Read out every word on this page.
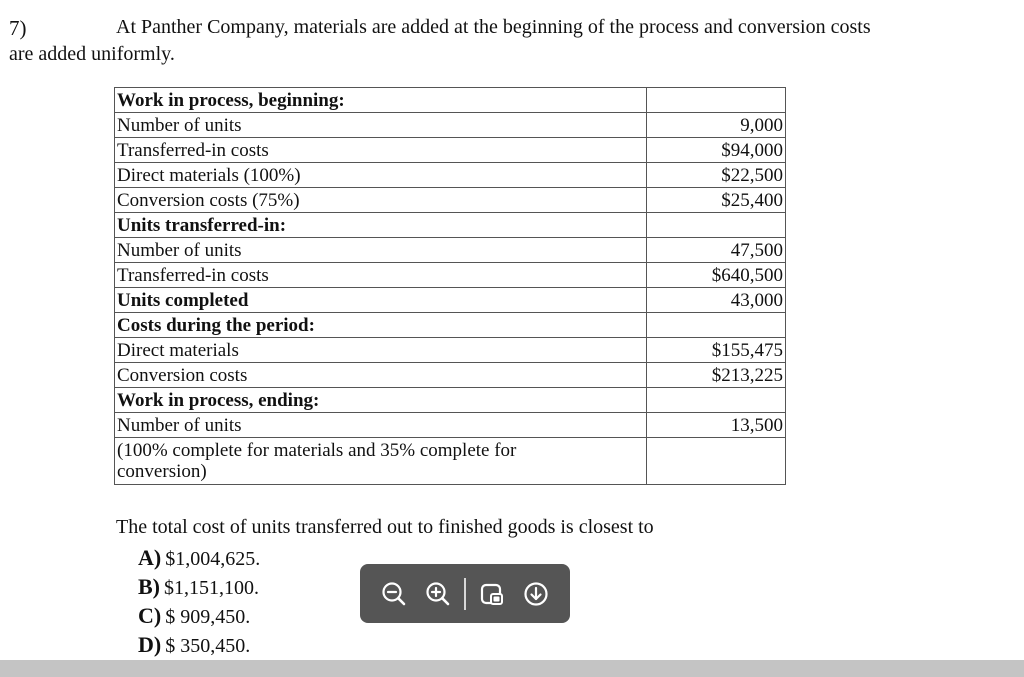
7)	At Panther Company, materials are added at the beginning of the process and conversion costs
are added uniformly.
Work in process, beginning:	
Number of units	9,000
Transferred-in costs	$94,000
Direct materials (100%)	$22,500
Conversion costs (75%)	$25,400
Units transferred-in:	
Number of units	47,500
Transferred-in costs	$640,500
Units completed	43,000
Costs during the period:	
Direct materials	$155,475
Conversion costs	$213,225
Work in process, ending:	
Number of units	13,500
(100% complete for materials and 35% complete for conversion)	
The total cost of units transferred out to finished goods is closest to
A) $1,004,625.
B) $1,151,100.
C) $ 909,450.
D) $ 350,450.
